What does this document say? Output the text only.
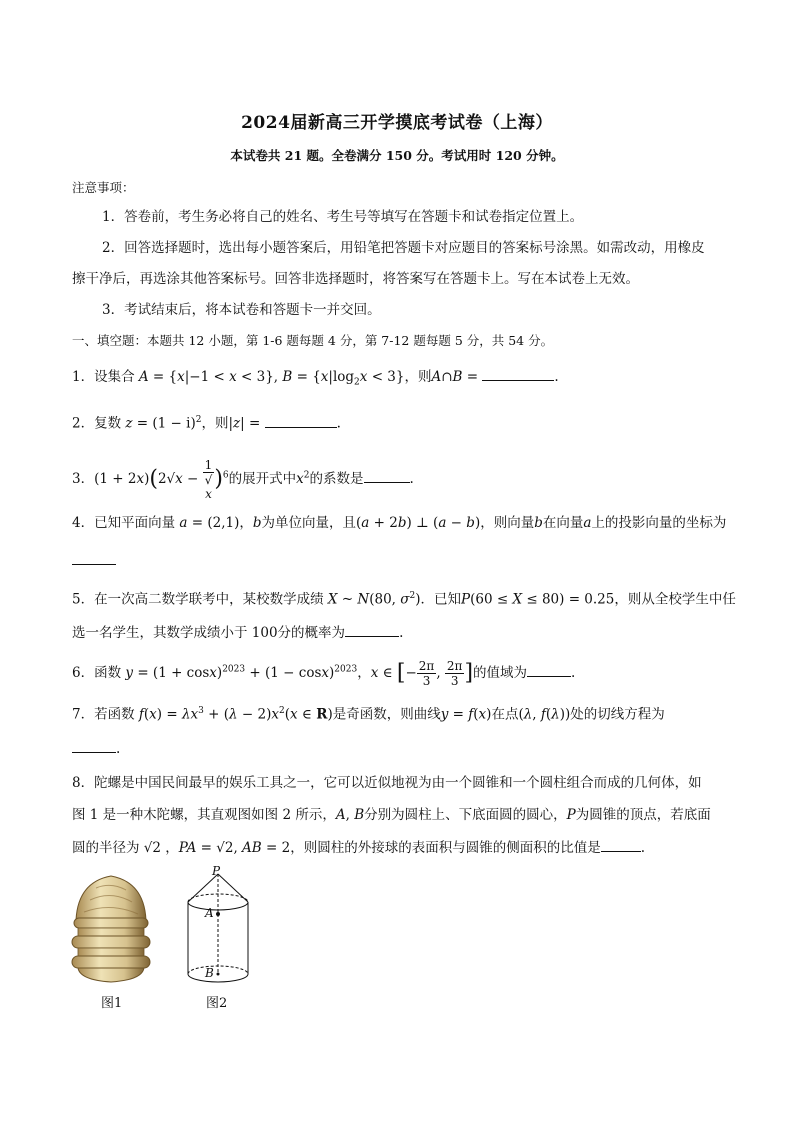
2024届新高三开学摸底考试卷（上海）
本试卷共 21 题。全卷满分 150 分。考试用时 120 分钟。
注意事项：
1．答卷前，考生务必将自己的姓名、考生号等填写在答题卡和试卷指定位置上。
2．回答选择题时，选出每小题答案后，用铅笔把答题卡对应题目的答案标号涂黑。如需改动，用橡皮
擦干净后，再选涂其他答案标号。回答非选择题时，将答案写在答题卡上。写在本试卷上无效。
3．考试结束后，将本试卷和答题卡一并交回。
一、填空题：本题共 12 小题，第 1-6 题每题 4 分，第 7-12 题每题 5 分，共 54 分。
1．设集合 A = {x|−1 < x < 3}, $B = \{x|\log_2x < 3\}$，则A∩B =	.
2．复数 $z = (1 - i)^2$，则|z| =	.
3．(1 + 2x)(2√x − 1
√
x )$^6$的展开式中$x^2$的系数是	.
4．已知平面向量 a = (2,1)，b为单位向量，且(a + 2b) ⊥ (a − b)，则向量b在向量a上的投影向量的坐标为
5．在一次高二数学联考中，某校数学成绩 X ~ N(80, $\sigma^2$)．已知P(60 ≤ X ≤ 80) = 0.25，则从全校学生中任
选一名学生，其数学成绩小于 100分的概率为	.
6．函数 $y = (1 + \cos x)^{2023} + (1 - \cos x)^{2023}$，x ∈ [− $\frac{2\pi}{3}$ , $\frac{2\pi}{3}$ ]的值域为	.
7．若函数 $f(x) = \lambda x^3 + (\lambda - 2)x^2(x$ ∈ R)是奇函数，则曲线y = f(x)在点(λ, f(λ))处的切线方程为
.
8．陀螺是中国民间最早的娱乐工具之一，它可以近似地视为由一个圆锥和一个圆柱组合而成的几何体，如
图 1 是一种木陀螺，其直观图如图 2 所示，A, B分别为圆柱上、下底面圆的圆心，P为圆锥的顶点，若底面
圆的半径为 √2 ，PA = √2, AB = 2，则圆柱的外接球的表面积与圆锥的侧面积的比值是	.
图1
P
A
B
图2
